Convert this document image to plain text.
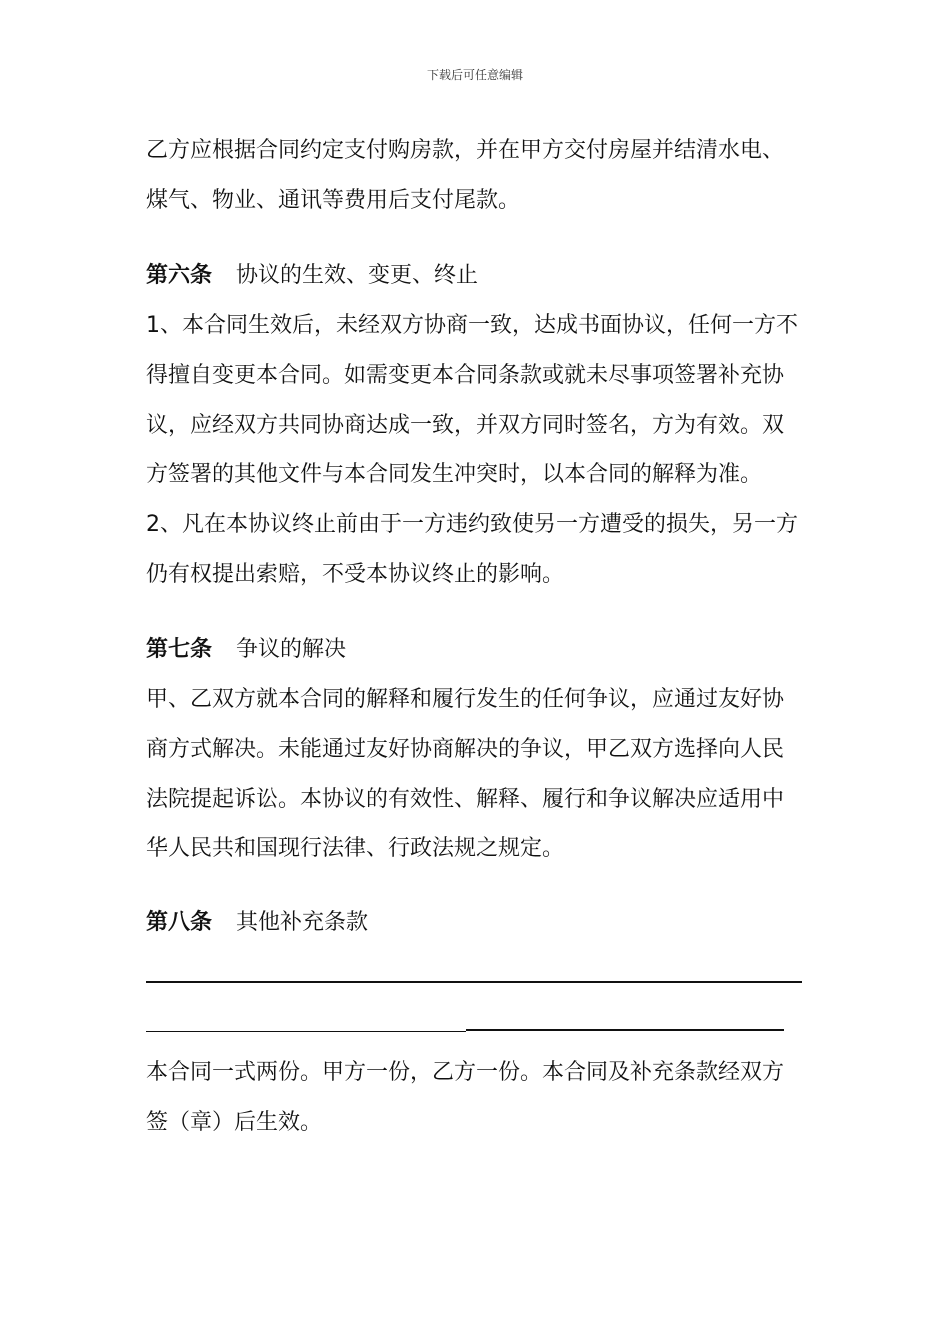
下载后可任意编辑
乙方应根据合同约定支付购房款，并在甲方交付房屋并结清水电、
煤气、物业、通讯等费用后支付尾款。
第六条 协议的生效、变更、终止
1、本合同生效后，未经双方协商一致，达成书面协议，任何一方不
得擅自变更本合同。如需变更本合同条款或就未尽事项签署补充协
议，应经双方共同协商达成一致，并双方同时签名，方为有效。双
方签署的其他文件与本合同发生冲突时，以本合同的解释为准。
2、凡在本协议终止前由于一方违约致使另一方遭受的损失，另一方
仍有权提出索赔，不受本协议终止的影响。
第七条 争议的解决
甲、乙双方就本合同的解释和履行发生的任何争议，应通过友好协
商方式解决。未能通过友好协商解决的争议，甲乙双方选择向人民
法院提起诉讼。本协议的有效性、解释、履行和争议解决应适用中
华人民共和国现行法律、行政法规之规定。
第八条 其他补充条款
本合同一式两份。甲方一份，乙方一份。本合同及补充条款经双方
签（章）后生效。
